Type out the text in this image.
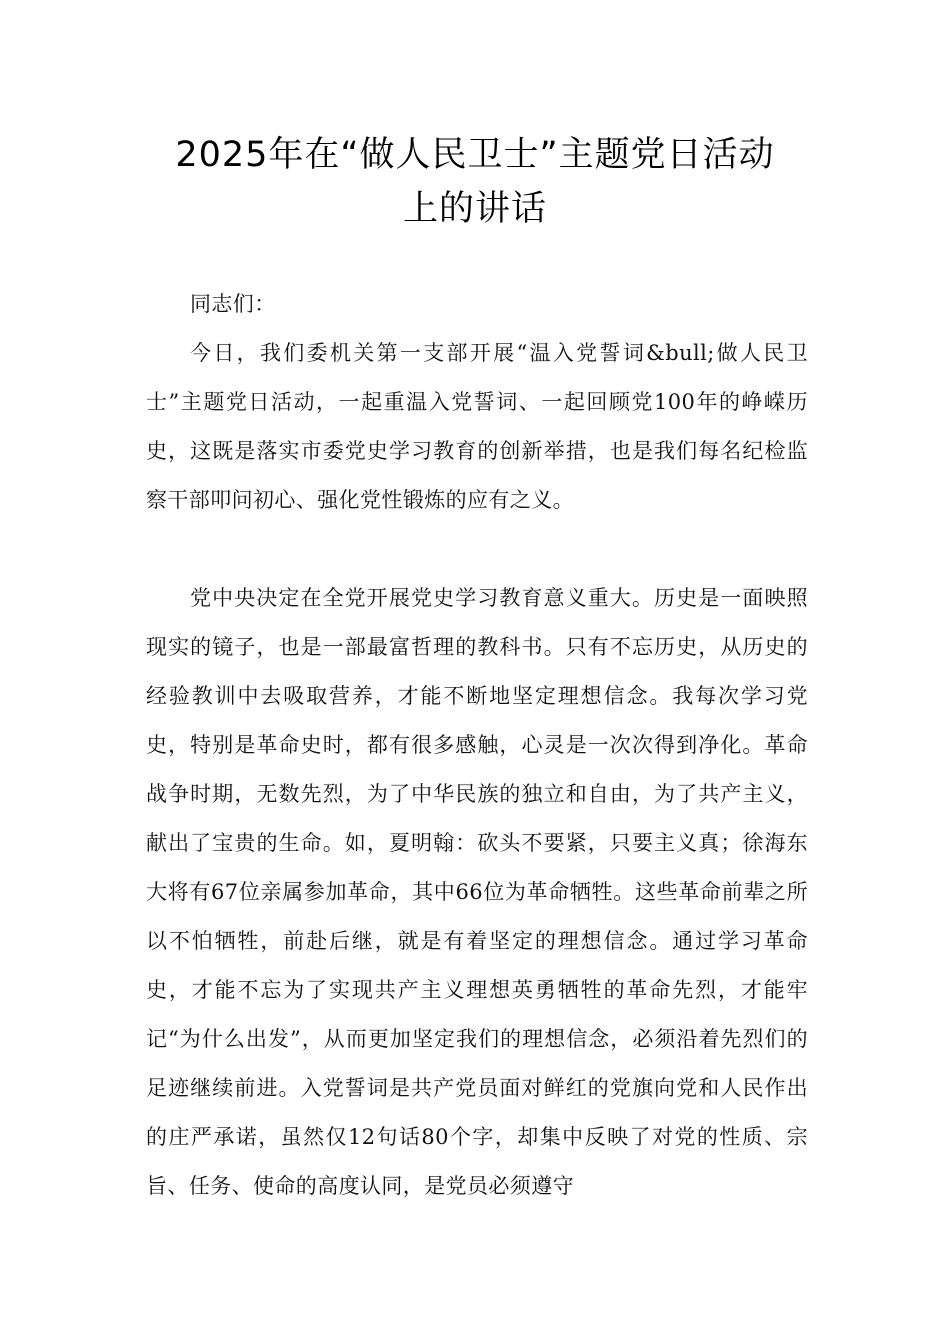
2025年在“做人民卫士”主题党日活动
上的讲话

同志们：

今日，我们委机关第一支部开展“温入党誓词&bull;做人民卫士”主题党日活动，一起重温入党誓词、一起回顾党100年的峥嵘历史，这既是落实市委党史学习教育的创新举措，也是我们每名纪检监察干部叩问初心、强化党性锻炼的应有之义。

党中央决定在全党开展党史学习教育意义重大。历史是一面映照现实的镜子，也是一部最富哲理的教科书。只有不忘历史，从历史的经验教训中去吸取营养，才能不断地坚定理想信念。我每次学习党史，特别是革命史时，都有很多感触，心灵是一次次得到净化。革命战争时期，无数先烈，为了中华民族的独立和自由，为了共产主义，献出了宝贵的生命。如，夏明翰：砍头不要紧，只要主义真；徐海东大将有67位亲属参加革命，其中66位为革命牺牲。这些革命前辈之所以不怕牺牲，前赴后继，就是有着坚定的理想信念。通过学习革命史，才能不忘为了实现共产主义理想英勇牺牲的革命先烈，才能牢记“为什么出发”，从而更加坚定我们的理想信念，必须沿着先烈们的足迹继续前进。入党誓词是共产党员面对鲜红的党旗向党和人民作出的庄严承诺，虽然仅12句话80个字，却集中反映了对党的性质、宗旨、任务、使命的高度认同，是党员必须遵守
